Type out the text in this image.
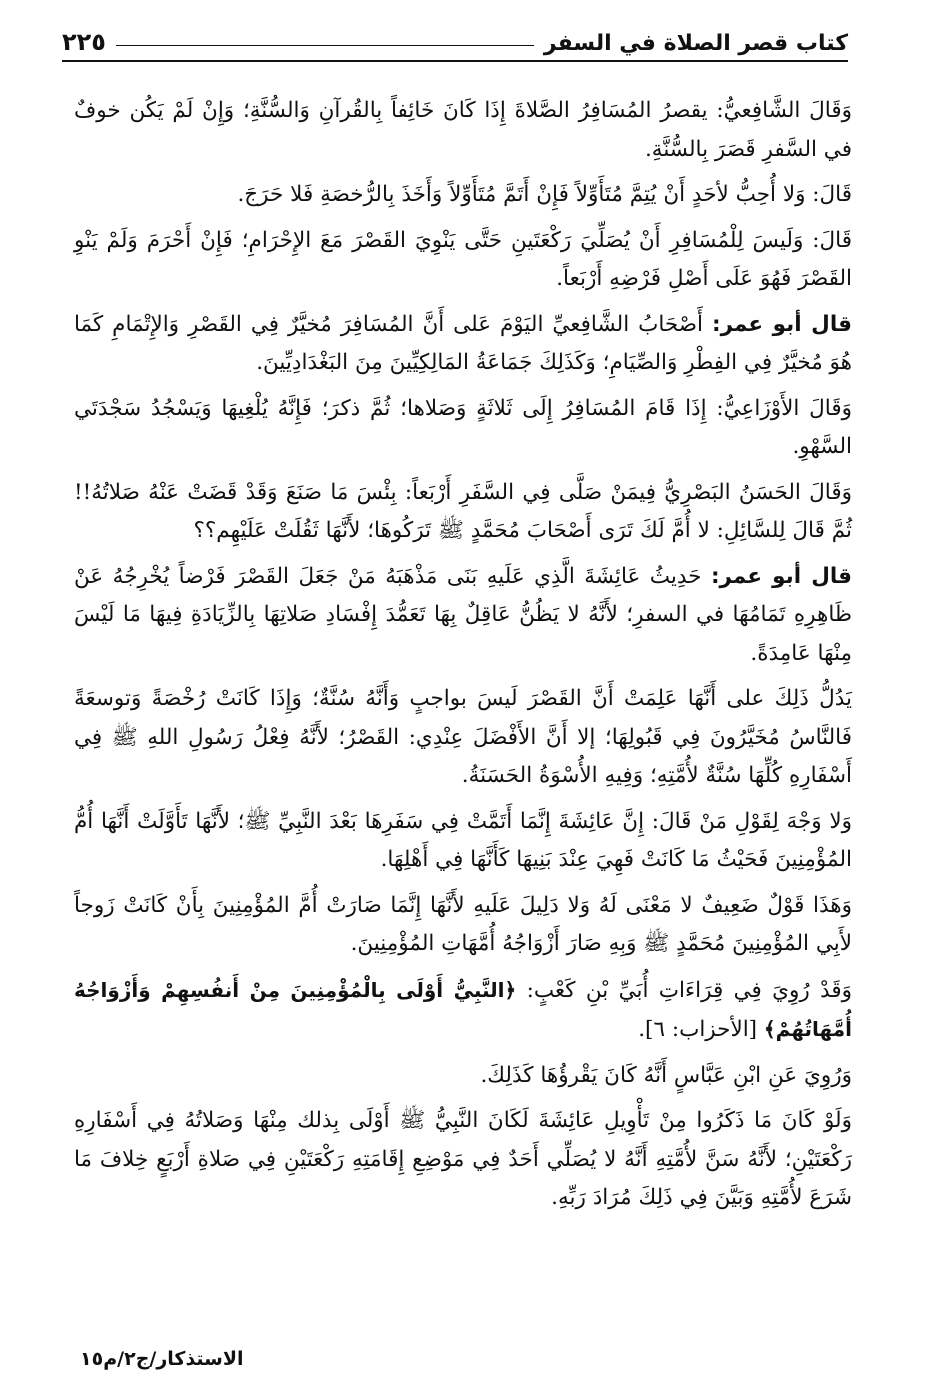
كتاب قصر الصلاة في السفر
٢٢٥

وَقَالَ الشَّافِعيُّ: يقصرُ المُسَافِرُ الصَّلاةَ إِذَا كَانَ خَائِفاً بِالقُرآنِ وَالسُّنَّةِ؛ وَإِنْ لَمْ يَكُن خوفٌ في السَّفرِ قَصَرَ بِالسُّنَّةِ.

قَالَ: وَلا أُحِبُّ لأحَدٍ أَنْ يُتِمَّ مُتَأَوِّلاً فَإِنْ أَتَمَّ مُتَأَوِّلاً وَأَخَذَ بِالرُّخصَةِ فَلا حَرَجَ.

قَالَ: وَلَيسَ لِلْمُسَافِرِ أَنْ يُصَلِّيَ رَكْعَتَينِ حَتَّى يَنْوِيَ القَصْرَ مَعَ الإِحْرَامِ؛ فَإِنْ أَحْرَمَ وَلَمْ يَنْوِ القَصْرَ فَهُوَ عَلَى أَصْلِ فَرْضِهِ أَرْبَعاً.

قال أبو عمر: أَصْحَابُ الشَّافِعيِّ اليَوْمَ عَلى أَنَّ المُسَافِرَ مُخيَّرٌ فِي القَصْرِ وَالإِتْمَامِ كَمَا هُوَ مُخيَّرٌ فِي الفِطْرِ وَالصِّيَامِ؛ وَكَذَلِكَ جَمَاعَةُ المَالِكِيِّينَ مِنَ البَغْدَادِيِّينَ.

وَقَالَ الأَوْزَاعِيُّ: إِذَا قَامَ المُسَافِرُ إِلَى ثَلاثَةٍ وَصَلاها؛ ثُمَّ ذكرَ؛ فَإِنَّهُ يُلْغِيهَا وَيَسْجُدُ سَجْدَتَي السَّهْوِ.

وَقَالَ الحَسَنُ البَصْرِيُّ فِيمَنْ صَلَّى فِي السَّفَرِ أَرْبَعاً: بِئْسَ مَا صَنَعَ وَقَدْ قَضَتْ عَنْهُ صَلاتُهُ!! ثُمَّ قَالَ لِلسَّائِلِ: لا أُمَّ لَكَ تَرَى أَصْحَابَ مُحَمَّدٍ ﷺ تَرَكُوهَا؛ لأَنَّهَا ثَقُلَتْ عَلَيْهِم؟؟

قال أبو عمر: حَدِيثُ عَائِشَةَ الَّذِي عَلَيهِ بَنَى مَذْهَبَهُ مَنْ جَعَلَ القَصْرَ فَرْضاً يُخْرِجُهُ عَنْ ظَاهِرِهِ تَمَامُهَا في السفرِ؛ لأَنَّهُ لا يَظُنُّ عَاقِلٌ بِهَا تَعَمُّدَ إِفْسَادِ صَلاتِهَا بِالزِّيَادَةِ فِيهَا مَا لَيْسَ مِنْهَا عَامِدَةً.

يَدُلُّ ذَلِكَ على أَنَّهَا عَلِمَتْ أَنَّ القَصْرَ لَيسَ بواجبٍ وَأَنَّهُ سُنَّةٌ؛ وَإِذَا كَانَتْ رُخْصَةً وَتوسعَةً فَالنَّاسُ مُخَيَّرُونَ فِي قَبُولِهَا؛ إلا أَنَّ الأَفْضَلَ عِنْدِي: القَصْرُ؛ لأَنَّهُ فِعْلُ رَسُولِ اللهِ ﷺ فِي أَسْفَارِهِ كُلِّهَا سُنَّةٌ لأُمَّتِهِ؛ وَفِيهِ الأُسْوَةُ الحَسَنَةُ.

وَلا وَجْهَ لِقَوْلِ مَنْ قَالَ: إِنَّ عَائِشَةَ إِنَّمَا أَتَمَّتْ فِي سَفَرِهَا بَعْدَ النَّبِيِّ ﷺ؛ لأَنَّهَا تَأَوَّلَتْ أَنَّهَا أُمُّ المُؤْمِنِينَ فَحَيْثُ مَا كَانَتْ فَهِيَ عِنْدَ بَنِيهَا كَأَنَّهَا فِي أَهْلِهَا.

وَهَذَا قَوْلٌ ضَعِيفٌ لا مَعْنَى لَهُ وَلا دَلِيلَ عَلَيهِ لأَنَّهَا إِنَّمَا صَارَتْ أُمَّ المُؤْمِنِينَ بِأَنْ كَانَتْ زَوجاً لأَبِي المُؤْمِنِينَ مُحَمَّدٍ ﷺ وَبِهِ صَارَ أَزْوَاجُهُ أُمَّهَاتِ المُؤْمِنِينَ.

وَقَدْ رُوِيَ فِي قِرَاءَاتِ أُبَيِّ بْنِ كَعْبٍ: ﴿النَّبِيُّ أَوْلَى بِالْمُؤْمِنِينَ مِنْ أَنفُسِهِمْ وَأَزْوَاجُهُ أُمَّهَاتُهُمْ﴾ [الأحزاب: ٦].

وَرُوِيَ عَنِ ابْنِ عَبَّاسٍ أَنَّهُ كَانَ يَقْرؤُهَا كَذَلِكَ.

وَلَوْ كَانَ مَا ذَكَرُوا مِنْ تَأْوِيلِ عَائِشَةَ لَكَانَ النَّبِيُّ ﷺ أَوْلَى بِذلك مِنْهَا وَصَلاتُهُ فِي أَسْفَارِهِ رَكْعَتَيْنِ؛ لأَنَّهُ سَنَّ لأُمَّتِهِ أَنَّهُ لا يُصَلِّي أَحَدٌ فِي مَوْضِعِ إِقَامَتِهِ رَكْعَتَيْنِ فِي صَلاةِ أَرْبَعٍ خِلافَ مَا شَرَعَ لأُمَّتِهِ وَبَيَّنَ فِي ذَلِكَ مُرَادَ رَبِّهِ.

الاستذكار/ج٢/م١٥
